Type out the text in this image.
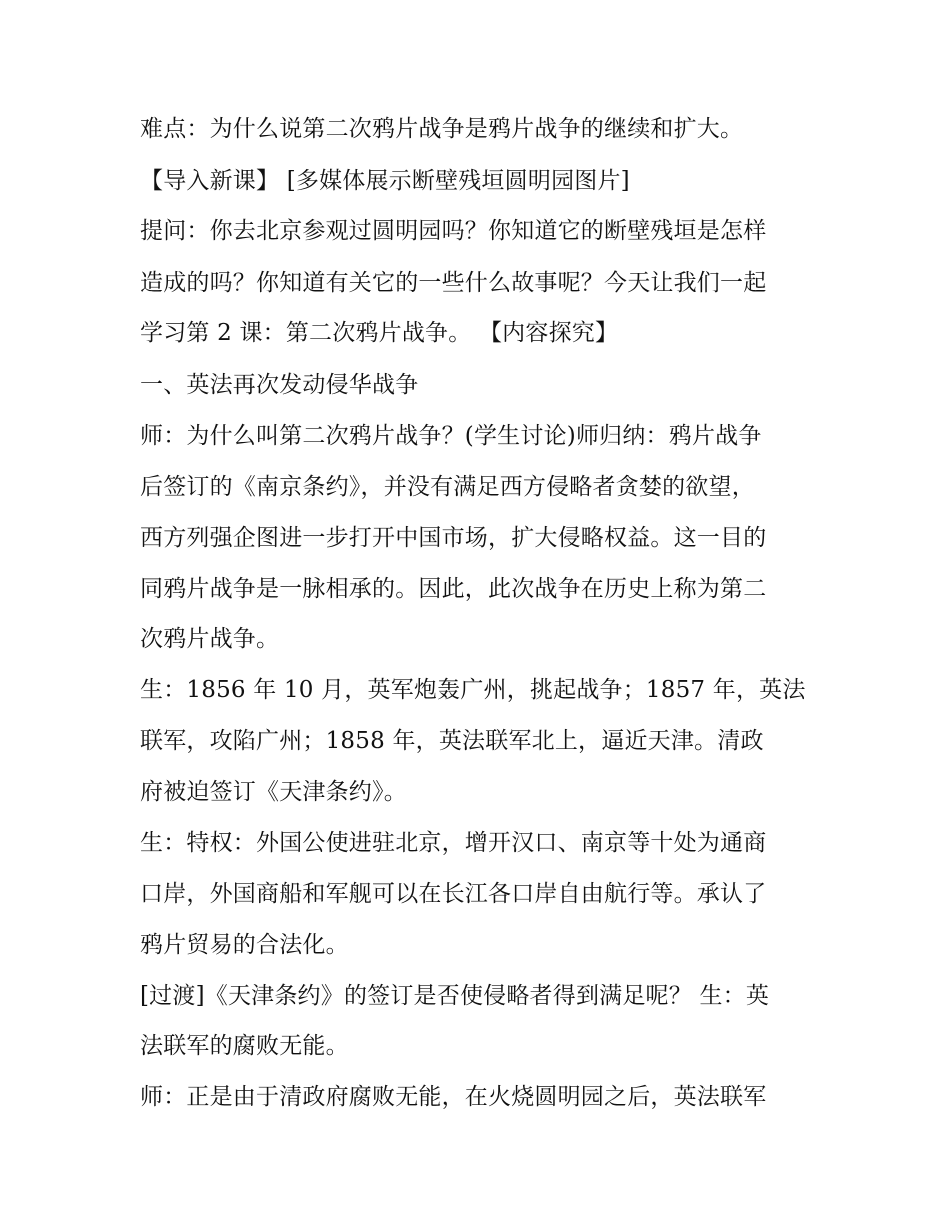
难点：为什么说第二次鸦片战争是鸦片战争的继续和扩大。
【导入新课】 [多媒体展示断壁残垣圆明园图片]
提问：你去北京参观过圆明园吗？你知道它的断壁残垣是怎样
造成的吗？你知道有关它的一些什么故事呢？今天让我们一起
学习第 2 课：第二次鸦片战争。 【内容探究】
一、英法再次发动侵华战争
师：为什么叫第二次鸦片战争？(学生讨论)师归纳：鸦片战争
后签订的《南京条约》，并没有满足西方侵略者贪婪的欲望，
西方列强企图进一步打开中国市场，扩大侵略权益。这一目的
同鸦片战争是一脉相承的。因此，此次战争在历史上称为第二
次鸦片战争。
生：1856 年 10 月，英军炮轰广州，挑起战争；1857 年，英法
联军，攻陷广州；1858 年，英法联军北上，逼近天津。清政
府被迫签订《天津条约》。
生：特权：外国公使进驻北京，增开汉口、南京等十处为通商
口岸，外国商船和军舰可以在长江各口岸自由航行等。承认了
鸦片贸易的合法化。
[过渡]《天津条约》的签订是否使侵略者得到满足呢？ 生：英
法联军的腐败无能。
师：正是由于清政府腐败无能，在火烧圆明园之后，英法联军
